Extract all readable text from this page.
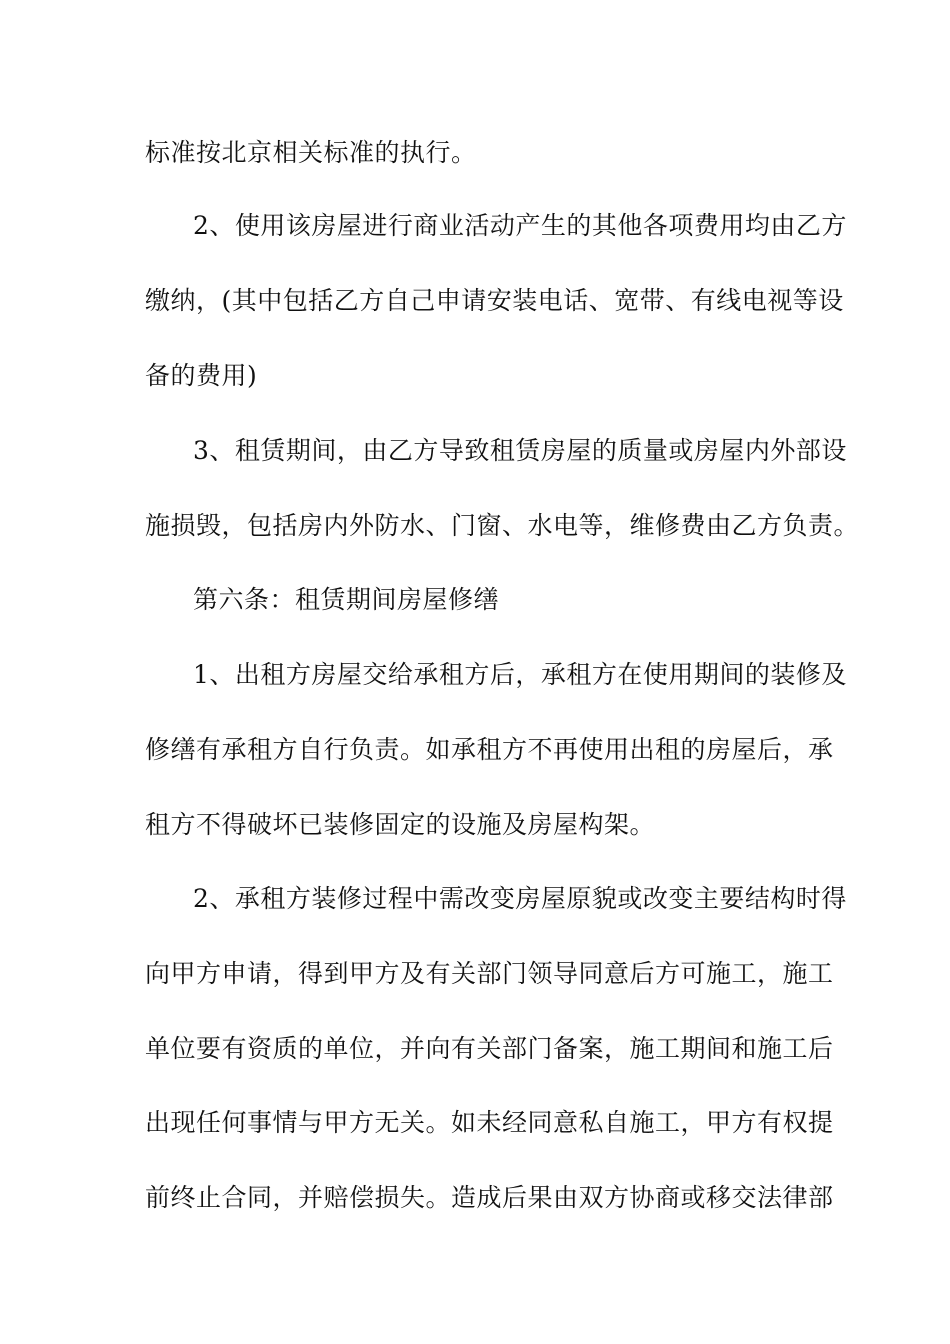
标准按北京相关标准的执行。
2、使用该房屋进行商业活动产生的其他各项费用均由乙方
缴纳，(其中包括乙方自己申请安装电话、宽带、有线电视等设
备的费用)
3、租赁期间，由乙方导致租赁房屋的质量或房屋内外部设
施损毁，包括房内外防水、门窗、水电等，维修费由乙方负责。
第六条：租赁期间房屋修缮
1、出租方房屋交给承租方后，承租方在使用期间的装修及
修缮有承租方自行负责。如承租方不再使用出租的房屋后，承
租方不得破坏已装修固定的设施及房屋构架。
2、承租方装修过程中需改变房屋原貌或改变主要结构时得
向甲方申请，得到甲方及有关部门领导同意后方可施工，施工
单位要有资质的单位，并向有关部门备案，施工期间和施工后
出现任何事情与甲方无关。如未经同意私自施工，甲方有权提
前终止合同，并赔偿损失。造成后果由双方协商或移交法律部
